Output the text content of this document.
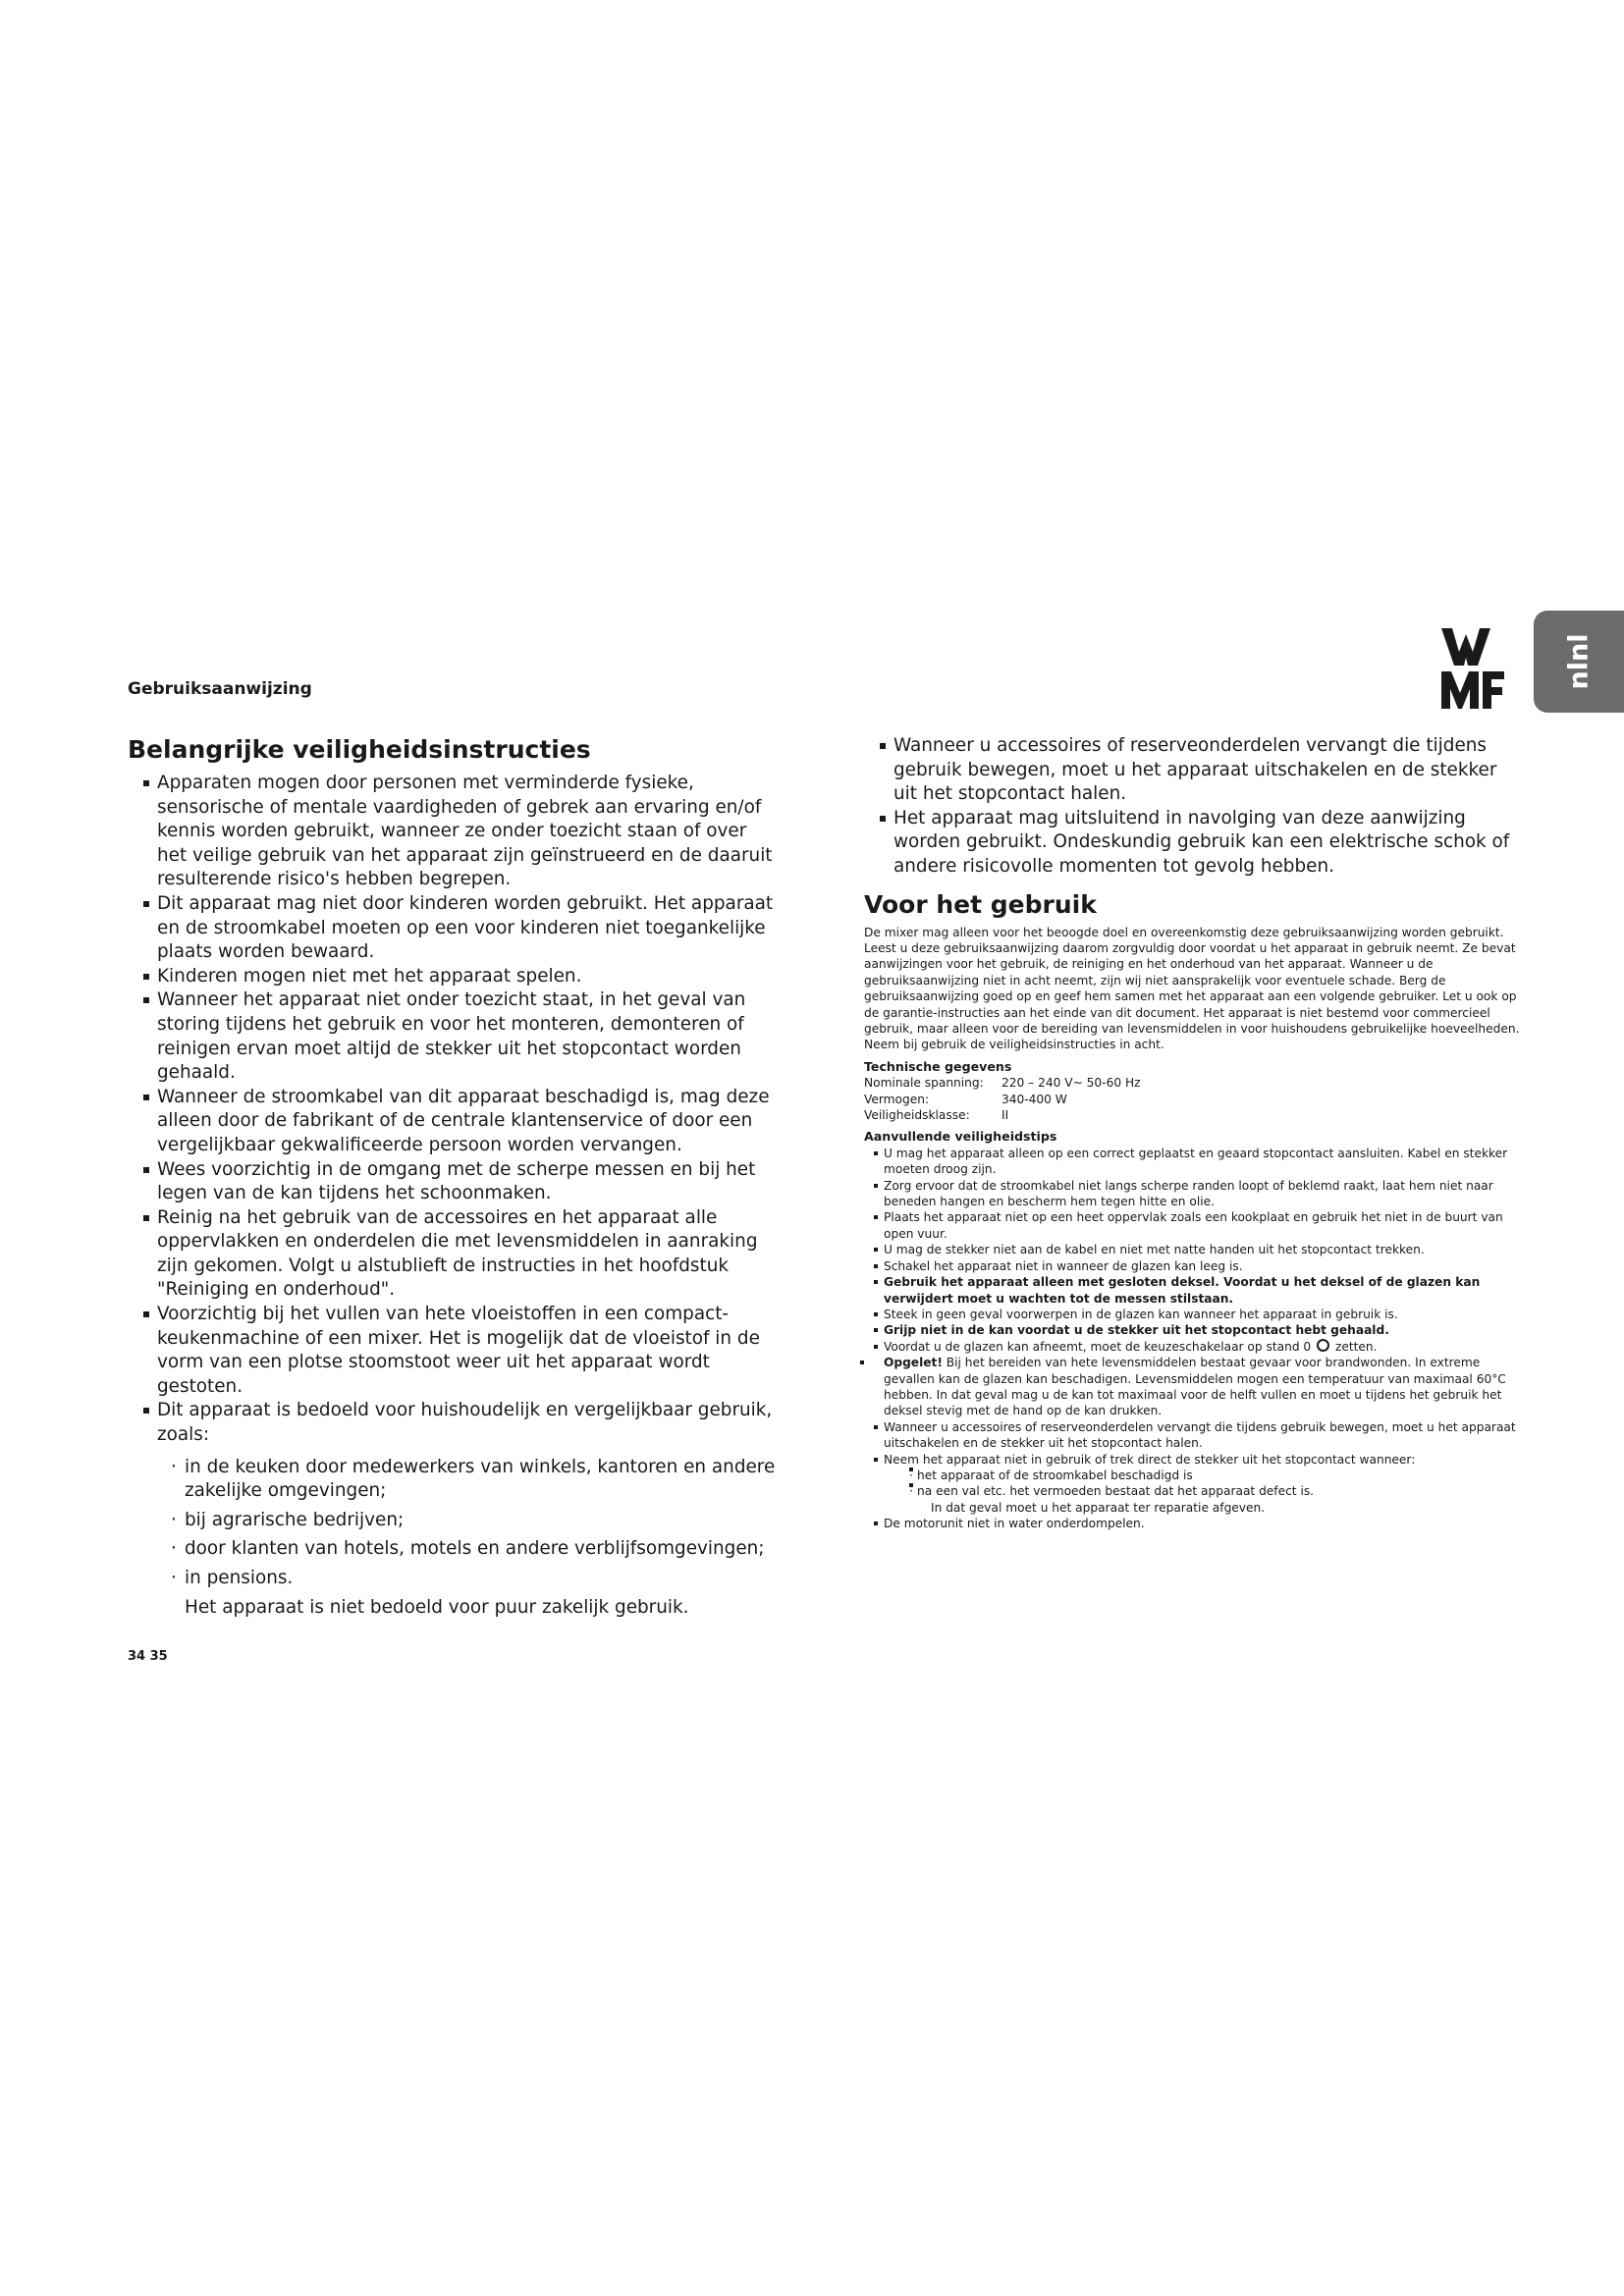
Gebruiksaanwijzing	nlnl
Belangrijke veiligheidsinstructies
Apparaten mogen door personen met verminderde fysieke, sensorische of mentale vaardigheden of gebrek aan ervaring en/of kennis worden gebruikt, wanneer ze onder toezicht staan of over het veilige gebruik van het apparaat zijn geïnstrueerd en de daaruit resulterende risico's hebben begrepen.
Dit apparaat mag niet door kinderen worden gebruikt. Het apparaat en de stroomkabel moeten op een voor kinderen niet toegankelijke plaats worden bewaard.
Kinderen mogen niet met het apparaat spelen.
Wanneer het apparaat niet onder toezicht staat, in het geval van storing tijdens het gebruik en voor het monteren, demonteren of reinigen ervan moet altijd de stekker uit het stopcontact worden gehaald.
Wanneer de stroomkabel van dit apparaat beschadigd is, mag deze alleen door de fabrikant of de centrale klantenservice of door een vergelijkbaar gekwalificeerde persoon worden vervangen.
Wees voorzichtig in de omgang met de scherpe messen en bij het legen van de kan tijdens het schoonmaken.
Reinig na het gebruik van de accessoires en het apparaat alle oppervlakken en onderdelen die met levensmiddelen in aanraking zijn gekomen. Volgt u alstublieft de instructies in het hoofdstuk "Reiniging en onderhoud".
Voorzichtig bij het vullen van hete vloeistoffen in een compact-keukenmachine of een mixer. Het is mogelijk dat de vloeistof in de vorm van een plotse stoomstoot weer uit het apparaat wordt gestoten.
Dit apparaat is bedoeld voor huishoudelijk en vergelijkbaar gebruik, zoals:
· in de keuken door medewerkers van winkels, kantoren en andere zakelijke omgevingen;
· bij agrarische bedrijven;
· door klanten van hotels, motels en andere verblijfsomgevingen;
· in pensions.
Het apparaat is niet bedoeld voor puur zakelijk gebruik.
Wanneer u accessoires of reserveonderdelen vervangt die tijdens gebruik bewegen, moet u het apparaat uitschakelen en de stekker uit het stopcontact halen.
Het apparaat mag uitsluitend in navolging van deze aanwijzing worden gebruikt. Ondeskundig gebruik kan een elektrische schok of andere risicovolle momenten tot gevolg hebben.
Voor het gebruik

De mixer mag alleen voor het beoogde doel en overeenkomstig deze gebruiksaanwijzing worden gebruikt. Leest u deze gebruiksaanwijzing daarom zorgvuldig door voordat u het apparaat in gebruik neemt. Ze bevat aanwijzingen voor het gebruik, de reiniging en het onderhoud van het apparaat. Wanneer u de gebruiksaanwijzing niet in acht neemt, zijn wij niet aansprakelijk voor eventuele schade. Berg de gebruiksaanwijzing goed op en geef hem samen met het apparaat aan een volgende gebruiker. Let u ook op de garantie-instructies aan het einde van dit document. Het apparaat is niet bestemd voor commercieel gebruik, maar alleen voor de bereiding van levensmiddelen in voor huishoudens gebruikelijke hoeveelheden.

Neem bij gebruik de veiligheidsinstructies in acht.

Technische gegevens
Nominale spanning:	220 – 240 V~ 50-60 Hz
Vermogen:	340-400 W
Veiligheidsklasse:	II
Aanvullende veiligheidstips
U mag het apparaat alleen op een correct geplaatst en geaard stopcontact aansluiten. Kabel en stekker moeten droog zijn.
Zorg ervoor dat de stroomkabel niet langs scherpe randen loopt of beklemd raakt, laat hem niet naar beneden hangen en bescherm hem tegen hitte en olie.
Plaats het apparaat niet op een heet oppervlak zoals een kookplaat en gebruik het niet in de buurt van open vuur.
U mag de stekker niet aan de kabel en niet met natte handen uit het stopcontact trekken.
Schakel het apparaat niet in wanneer de glazen kan leeg is.
Gebruik het apparaat alleen met gesloten deksel. Voordat u het deksel of de glazen kan verwijdert moet u wachten tot de messen stilstaan.
Steek in geen geval voorwerpen in de glazen kan wanneer het apparaat in gebruik is.
Grijp niet in de kan voordat u de stekker uit het stopcontact hebt gehaald.
Voordat u de glazen kan afneemt, moet de keuzeschakelaar op stand 0 zetten.
Opgelet! Bij het bereiden van hete levensmiddelen bestaat gevaar voor brandwonden. In extreme gevallen kan de glazen kan beschadigen. Levensmiddelen mogen een temperatuur van maximaal 60°C hebben. In dat geval mag u de kan tot maximaal voor de helft vullen en moet u tijdens het gebruik het deksel stevig met de hand op de kan drukken.
Wanneer u accessoires of reserveonderdelen vervangt die tijdens gebruik bewegen, moet u het apparaat uitschakelen en de stekker uit het stopcontact halen.
Neem het apparaat niet in gebruik of trek direct de stekker uit het stopcontact wanneer:
· het apparaat of de stroomkabel beschadigd is
· na een val etc. het vermoeden bestaat dat het apparaat defect is.
In dat geval moet u het apparaat ter reparatie afgeven.
De motorunit niet in water onderdompelen.
34 35
